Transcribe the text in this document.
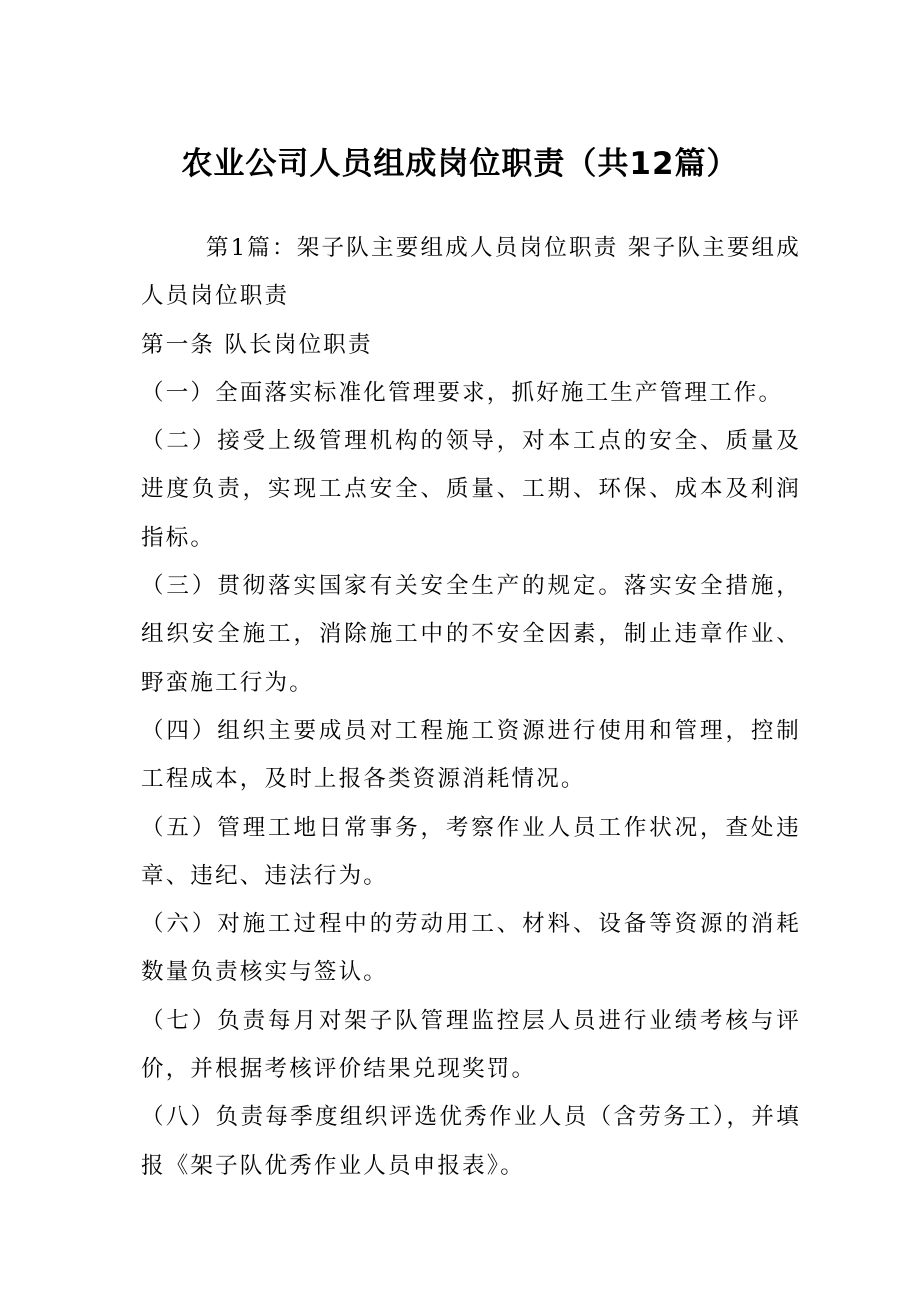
农业公司人员组成岗位职责（共12篇）

第1篇：架子队主要组成人员岗位职责 架子队主要组成人员岗位职责

第一条 队长岗位职责

（一）全面落实标准化管理要求，抓好施工生产管理工作。

（二）接受上级管理机构的领导，对本工点的安全、质量及进度负责，实现工点安全、质量、工期、环保、成本及利润指标。

（三）贯彻落实国家有关安全生产的规定。落实安全措施，组织安全施工，消除施工中的不安全因素，制止违章作业、野蛮施工行为。

（四）组织主要成员对工程施工资源进行使用和管理，控制工程成本，及时上报各类资源消耗情况。

（五）管理工地日常事务，考察作业人员工作状况，查处违章、违纪、违法行为。

（六）对施工过程中的劳动用工、材料、设备等资源的消耗数量负责核实与签认。

（七）负责每月对架子队管理监控层人员进行业绩考核与评价，并根据考核评价结果兑现奖罚。

（八）负责每季度组织评选优秀作业人员（含劳务工），并填报《架子队优秀作业人员申报表》。
